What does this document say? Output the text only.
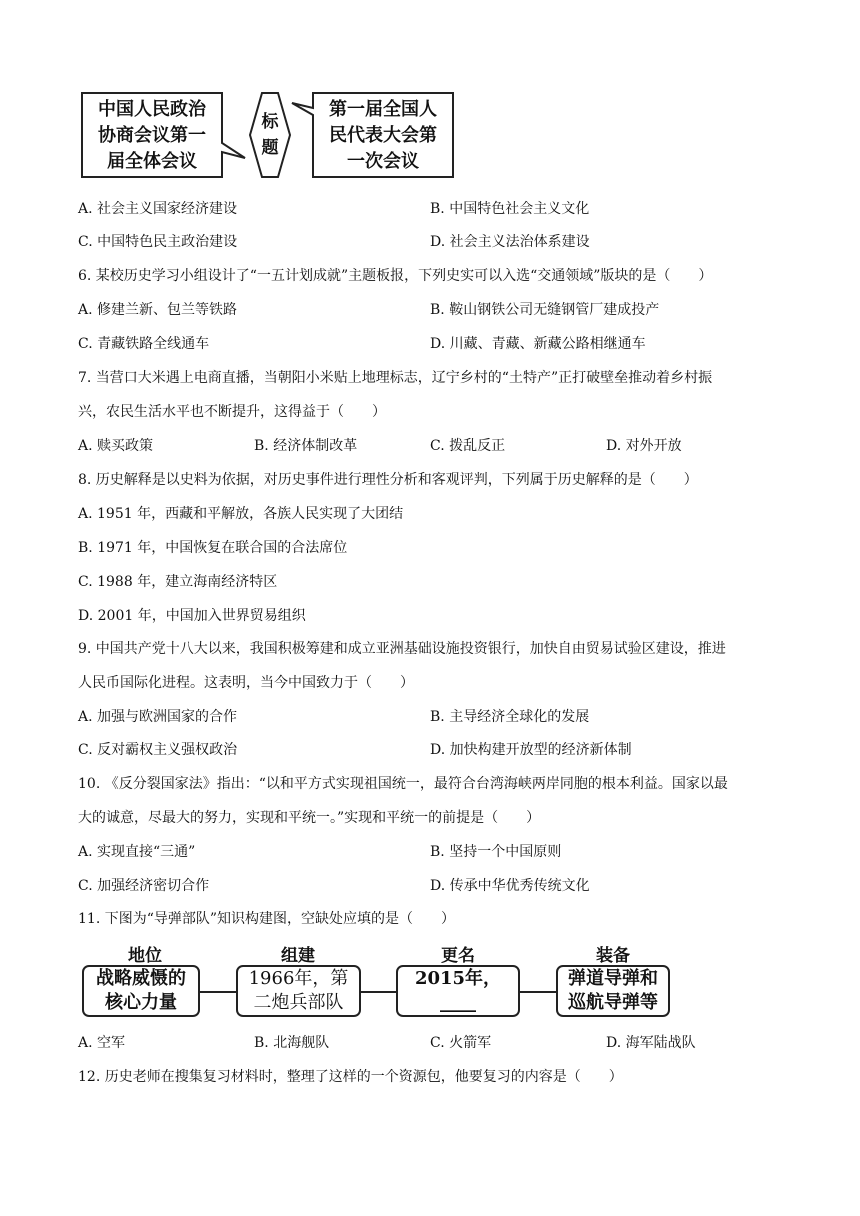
中国人民政治
协商会议第一
届全体会议
标
题
第一届全国人
民代表大会第
一次会议
A. 社会主义国家经济建设	B. 中国特色社会主义文化
C. 中国特色民主政治建设	D. 社会主义法治体系建设
6. 某校历史学习小组设计了“一五计划成就”主题板报，下列史实可以入选“交通领域”版块的是（　　）
A. 修建兰新、包兰等铁路	B. 鞍山钢铁公司无缝钢管厂建成投产
C. 青藏铁路全线通车	D. 川藏、青藏、新藏公路相继通车
7. 当营口大米遇上电商直播，当朝阳小米贴上地理标志，辽宁乡村的“土特产”正打破壁垒推动着乡村振
兴，农民生活水平也不断提升，这得益于（　　）
A. 赎买政策	B. 经济体制改革	C. 拨乱反正	D. 对外开放
8. 历史解释是以史料为依据，对历史事件进行理性分析和客观评判，下列属于历史解释的是（　　）
A. 1951 年，西藏和平解放，各族人民实现了大团结
B. 1971 年，中国恢复在联合国的合法席位
C. 1988 年，建立海南经济特区
D. 2001 年，中国加入世界贸易组织
9. 中国共产党十八大以来，我国积极筹建和成立亚洲基础设施投资银行，加快自由贸易试验区建设，推进
人民币国际化进程。这表明，当今中国致力于（　　）
A. 加强与欧洲国家的合作	B. 主导经济全球化的发展
C. 反对霸权主义强权政治	D. 加快构建开放型的经济新体制
10. 《反分裂国家法》指出：“以和平方式实现祖国统一，最符合台湾海峡两岸同胞的根本利益。国家以最
大的诚意，尽最大的努力，实现和平统一。”实现和平统一的前提是（　　）
A. 实现直接“三通”	B. 坚持一个中国原则
C. 加强经济密切合作	D. 传承中华优秀传统文化
11. 下图为“导弹部队”知识构建图，空缺处应填的是（　　）
地位	组建	更名	装备
战略威慑的
核心力量
1966年，第
二炮兵部队
2015年，____
弹道导弹和
巡航导弹等
A. 空军	B. 北海舰队	C. 火箭军	D. 海军陆战队
12. 历史老师在搜集复习材料时，整理了这样的一个资源包，他要复习的内容是（　　）
